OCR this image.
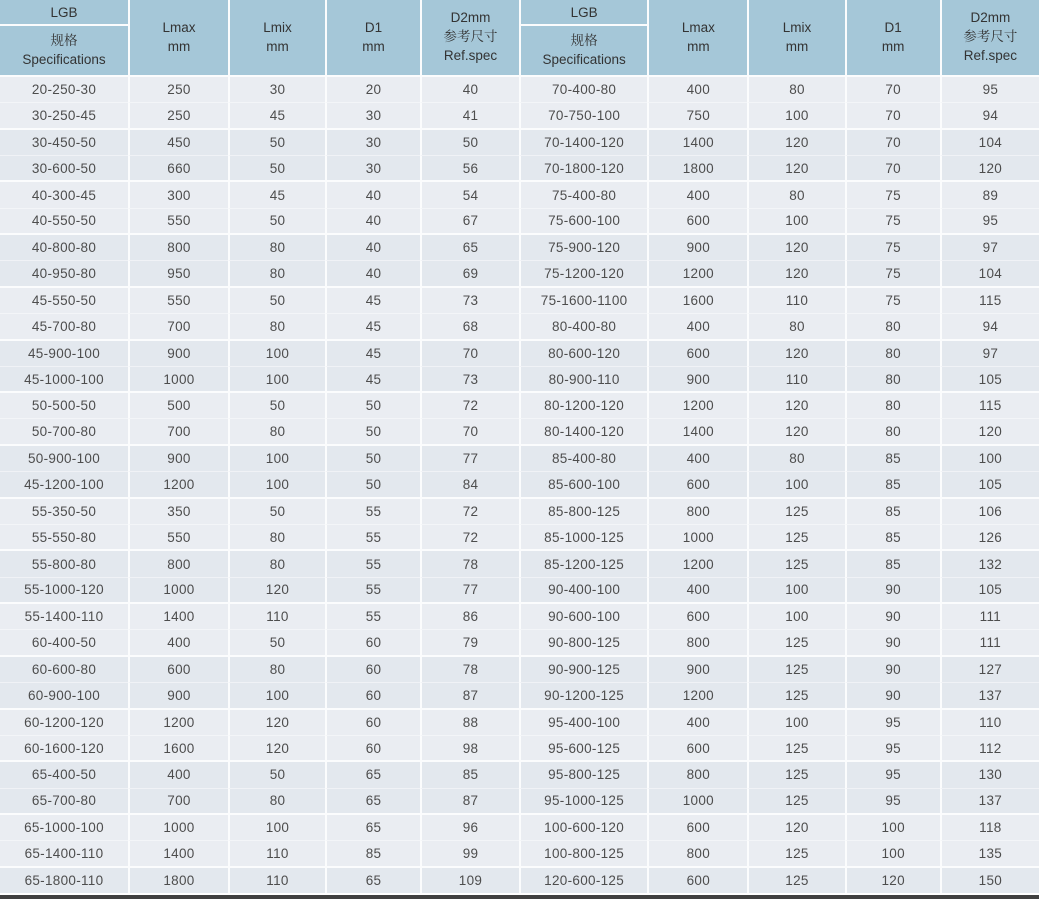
LGB
规格
Specifications

Lmax
mm

Lmix
mm

D1
mm

D2mm
参考尺寸
Ref.spec

20-250-30	250	30	20	40
30-250-45	250	45	30	41
30-450-50	450	50	30	50
30-600-50	660	50	30	56
40-300-45	300	45	40	54
40-550-50	550	50	40	67
40-800-80	800	80	40	65
40-950-80	950	80	40	69
45-550-50	550	50	45	73
45-700-80	700	80	45	68
45-900-100	900	100	45	70
45-1000-100	1000	100	45	73
50-500-50	500	50	50	72
50-700-80	700	80	50	70
50-900-100	900	100	50	77
45-1200-100	1200	100	50	84
55-350-50	350	50	55	72
55-550-80	550	80	55	72
55-800-80	800	80	55	78
55-1000-120	1000	120	55	77
55-1400-110	1400	110	55	86
60-400-50	400	50	60	79
60-600-80	600	80	60	78
60-900-100	900	100	60	87
60-1200-120	1200	120	60	88
60-1600-120	1600	120	60	98
65-400-50	400	50	65	85
65-700-80	700	80	65	87
65-1000-100	1000	100	65	96
65-1400-110	1400	110	85	99
65-1800-110	1800	110	65	109
LGB
规格
Specifications

Lmax
mm

Lmix
mm

D1
mm

D2mm
参考尺寸
Ref.spec

70-400-80	400	80	70	95
70-750-100	750	100	70	94
70-1400-120	1400	120	70	104
70-1800-120	1800	120	70	120
75-400-80	400	80	75	89
75-600-100	600	100	75	95
75-900-120	900	120	75	97
75-1200-120	1200	120	75	104
75-1600-1100	1600	110	75	115
80-400-80	400	80	80	94
80-600-120	600	120	80	97
80-900-110	900	110	80	105
80-1200-120	1200	120	80	115
80-1400-120	1400	120	80	120
85-400-80	400	80	85	100
85-600-100	600	100	85	105
85-800-125	800	125	85	106
85-1000-125	1000	125	85	126
85-1200-125	1200	125	85	132
90-400-100	400	100	90	105
90-600-100	600	100	90	111
90-800-125	800	125	90	111
90-900-125	900	125	90	127
90-1200-125	1200	125	90	137
95-400-100	400	100	95	110
95-600-125	600	125	95	112
95-800-125	800	125	95	130
95-1000-125	1000	125	95	137
100-600-120	600	120	100	118
100-800-125	800	125	100	135
120-600-125	600	125	120	150
